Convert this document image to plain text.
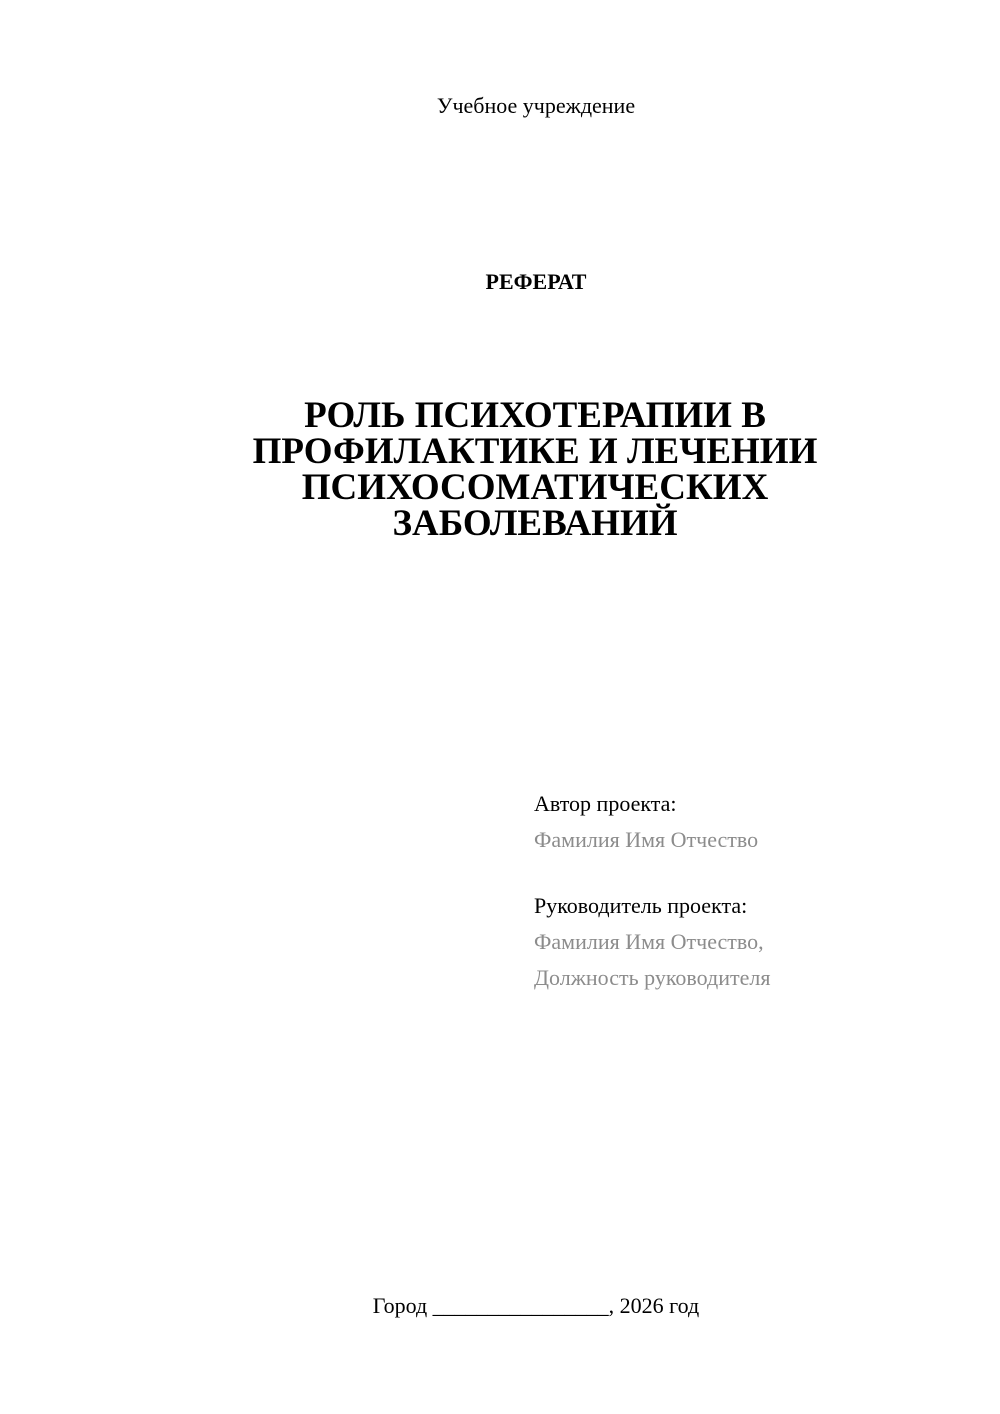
Учебное учреждение
РЕФЕРАТ
РОЛЬ ПСИХОТЕРАПИИ В
ПРОФИЛАКТИКЕ И ЛЕЧЕНИИ
ПСИХОСОМАТИЧЕСКИХ
ЗАБОЛЕВАНИЙ
Автор проекта:
Фамилия Имя Отчество
Руководитель проекта:
Фамилия Имя Отчество,
Должность руководителя
Город ________________, 2026 год
